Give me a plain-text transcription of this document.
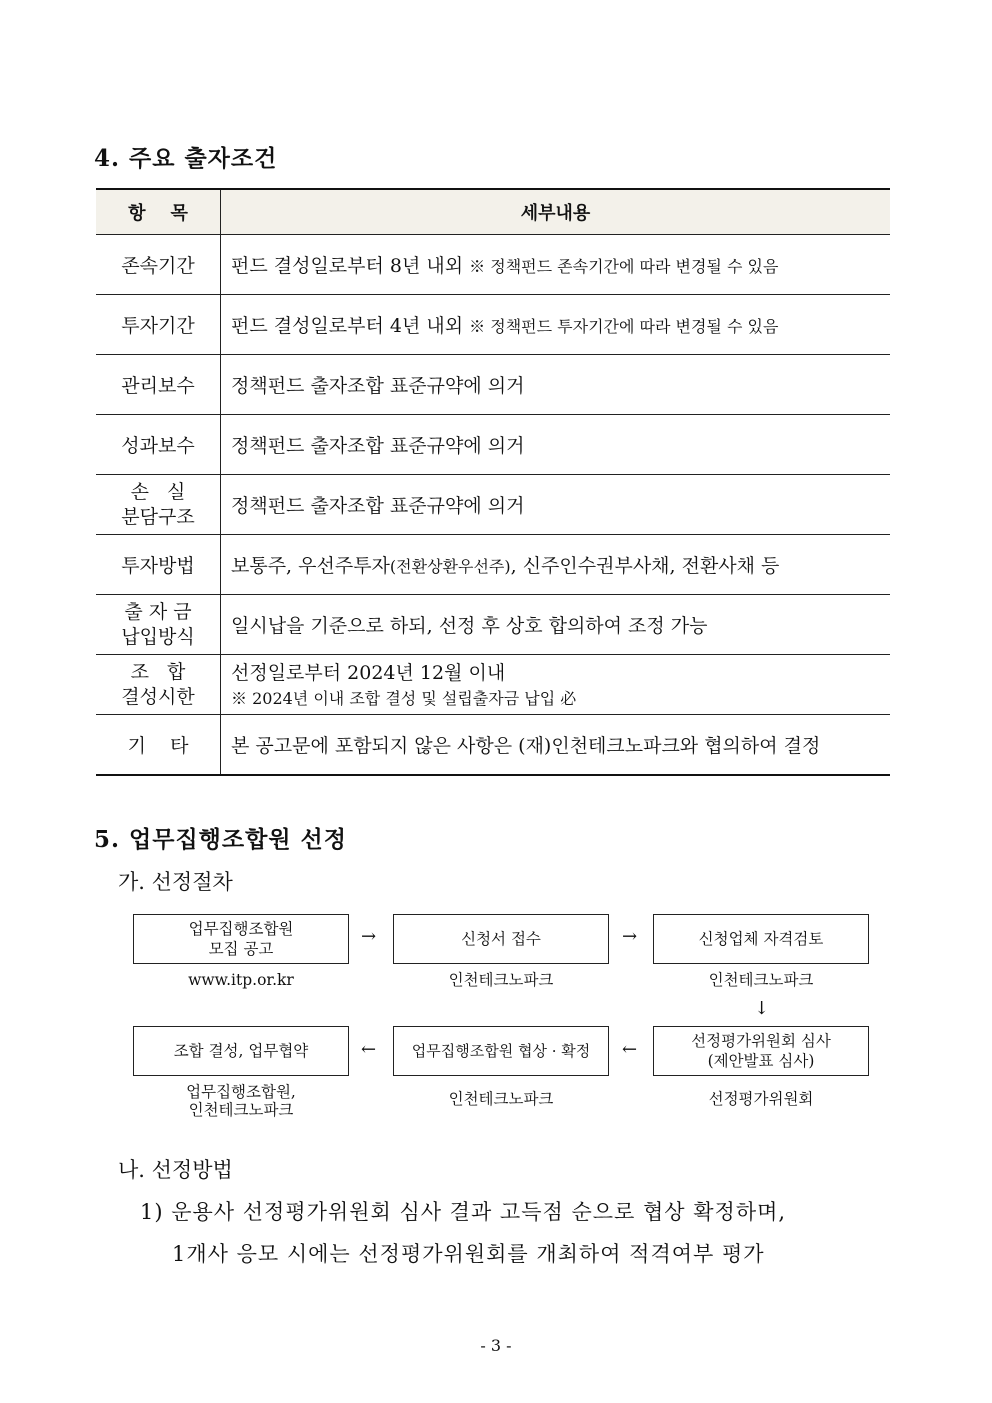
4. 주요 출자조건
항    목	세부내용
존속기간	펀드 결성일로부터 8년 내외 ※ 정책펀드 존속기간에 따라 변경될 수 있음
투자기간	펀드 결성일로부터 4년 내외 ※ 정책펀드 투자기간에 따라 변경될 수 있음
관리보수	정책펀드 출자조합 표준규약에 의거
성과보수	정책펀드 출자조합 표준규약에 의거

손   실
분담구조	정책펀드 출자조합 표준규약에 의거
투자방법	보통주, 우선주투자(전환상환우선주), 신주인수권부사채, 전환사채 등

출 자 금
납입방식	일시납을 기준으로 하되, 선정 후 상호 합의하여 조정 가능

조   합
결성시한	선정일로부터 2024년 12월 이내
※ 2024년 이내 조합 결성 및 설립출자금 납입 必

기    타	본 공고문에 포함되지 않은 사항은 (재)인천테크노파크와 협의하여 결정
5. 업무집행조합원 선정
가. 선정절차
업무집행조합원
모집 공고
→	신청서 접수	→	신청업체 자격검토
www.itp.or.kr	인천테크노파크	인천테크노파크
↓
조합 결성, 업무협약	←	업무집행조합원 협상 · 확정	←	선정평가위원회 심사
(제안발표 심사)
업무집행조합원,
인천테크노파크
인천테크노파크	선정평가위원회
나. 선정방법
1) 운용사 선정평가위원회 심사 결과 고득점 순으로 협상 확정하며,
1개사 응모 시에는 선정평가위원회를 개최하여 적격여부 평가
- 3 -
